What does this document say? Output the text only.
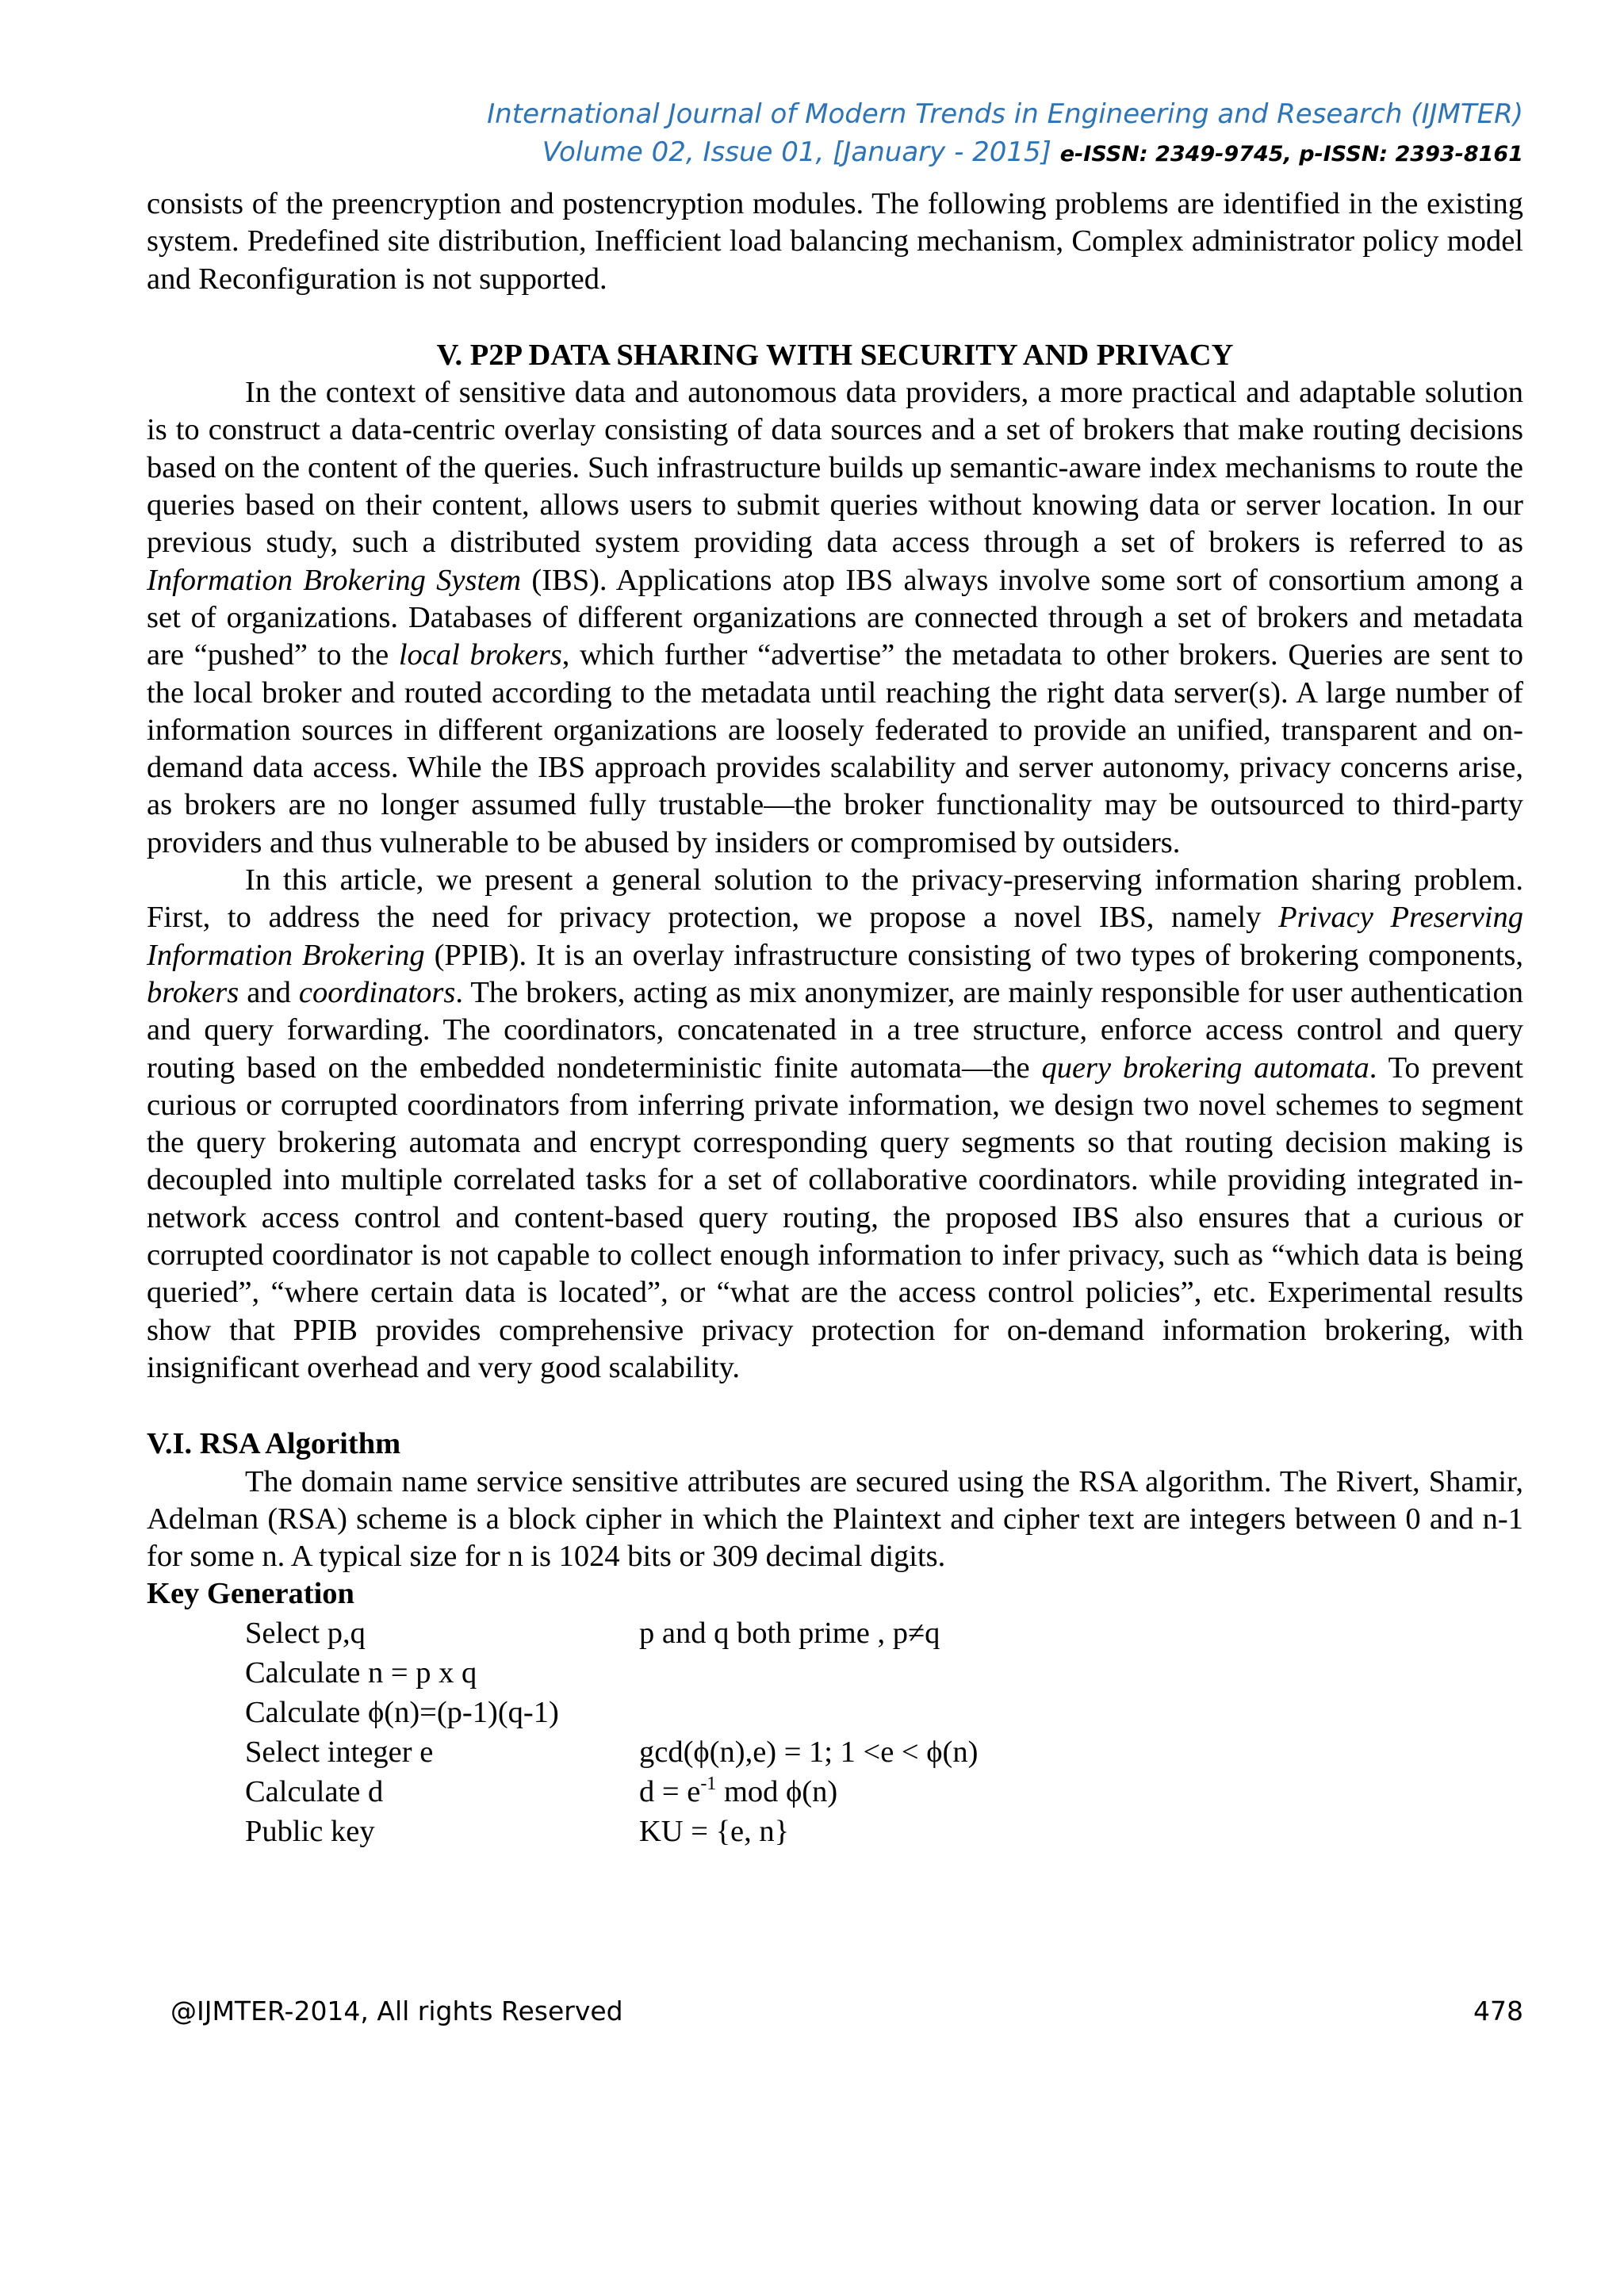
International Journal of Modern Trends in Engineering and Research (IJMTER)
Volume 02, Issue 01, [January - 2015] e-ISSN: 2349-9745, p-ISSN: 2393-8161

consists of the preencryption and postencryption modules. The following problems are identified in the existing system. Predefined site distribution, Inefficient load balancing mechanism, Complex administrator policy model and Reconfiguration is not supported.

V. P2P DATA SHARING WITH SECURITY AND PRIVACY

In the context of sensitive data and autonomous data providers, a more practical and adaptable solution is to construct a data-centric overlay consisting of data sources and a set of brokers that make routing decisions based on the content of the queries. Such infrastructure builds up semantic-aware index mechanisms to route the queries based on their content, allows users to submit queries without knowing data or server location. In our previous study, such a distributed system providing data access through a set of brokers is referred to as Information Brokering System (IBS). Applications atop IBS always involve some sort of consortium among a set of organizations. Databases of different organizations are connected through a set of brokers and metadata are “pushed” to the local brokers, which further “advertise” the metadata to other brokers. Queries are sent to the local broker and routed according to the metadata until reaching the right data server(s). A large number of information sources in different organizations are loosely federated to provide an unified, transparent and on-demand data access. While the IBS approach provides scalability and server autonomy, privacy concerns arise, as brokers are no longer assumed fully trustable—the broker functionality may be outsourced to third-party providers and thus vulnerable to be abused by insiders or compromised by outsiders.

In this article, we present a general solution to the privacy-preserving information sharing problem. First, to address the need for privacy protection, we propose a novel IBS, namely Privacy Preserving Information Brokering (PPIB). It is an overlay infrastructure consisting of two types of brokering components, brokers and coordinators. The brokers, acting as mix anonymizer, are mainly responsible for user authentication and query forwarding. The coordinators, concatenated in a tree structure, enforce access control and query routing based on the embedded nondeterministic finite automata—the query brokering automata. To prevent curious or corrupted coordinators from inferring private information, we design two novel schemes to segment the query brokering automata and encrypt corresponding query segments so that routing decision making is decoupled into multiple correlated tasks for a set of collaborative coordinators. while providing integrated in-network access control and content-based query routing, the proposed IBS also ensures that a curious or corrupted coordinator is not capable to collect enough information to infer privacy, such as “which data is being queried”, “where certain data is located”, or “what are the access control policies”, etc. Experimental results show that PPIB provides comprehensive privacy protection for on-demand information brokering, with insignificant overhead and very good scalability.

V.I. RSA Algorithm

The domain name service sensitive attributes are secured using the RSA algorithm. The Rivert, Shamir, Adelman (RSA) scheme is a block cipher in which the Plaintext and cipher text are integers between 0 and n-1 for some n. A typical size for n is 1024 bits or 309 decimal digits.

Key Generation
Select p,q	p and q both prime , p≠q
Calculate n = p x q
Calculate ϕ(n)=(p-1)(q-1)
Select integer e	gcd(ϕ(n),e) = 1; 1 <e < ϕ(n)
Calculate d	$d = e^{-1}$ mod ϕ(n)
Public key	KU = {e, n}
@IJMTER-2014, All rights Reserved	478
